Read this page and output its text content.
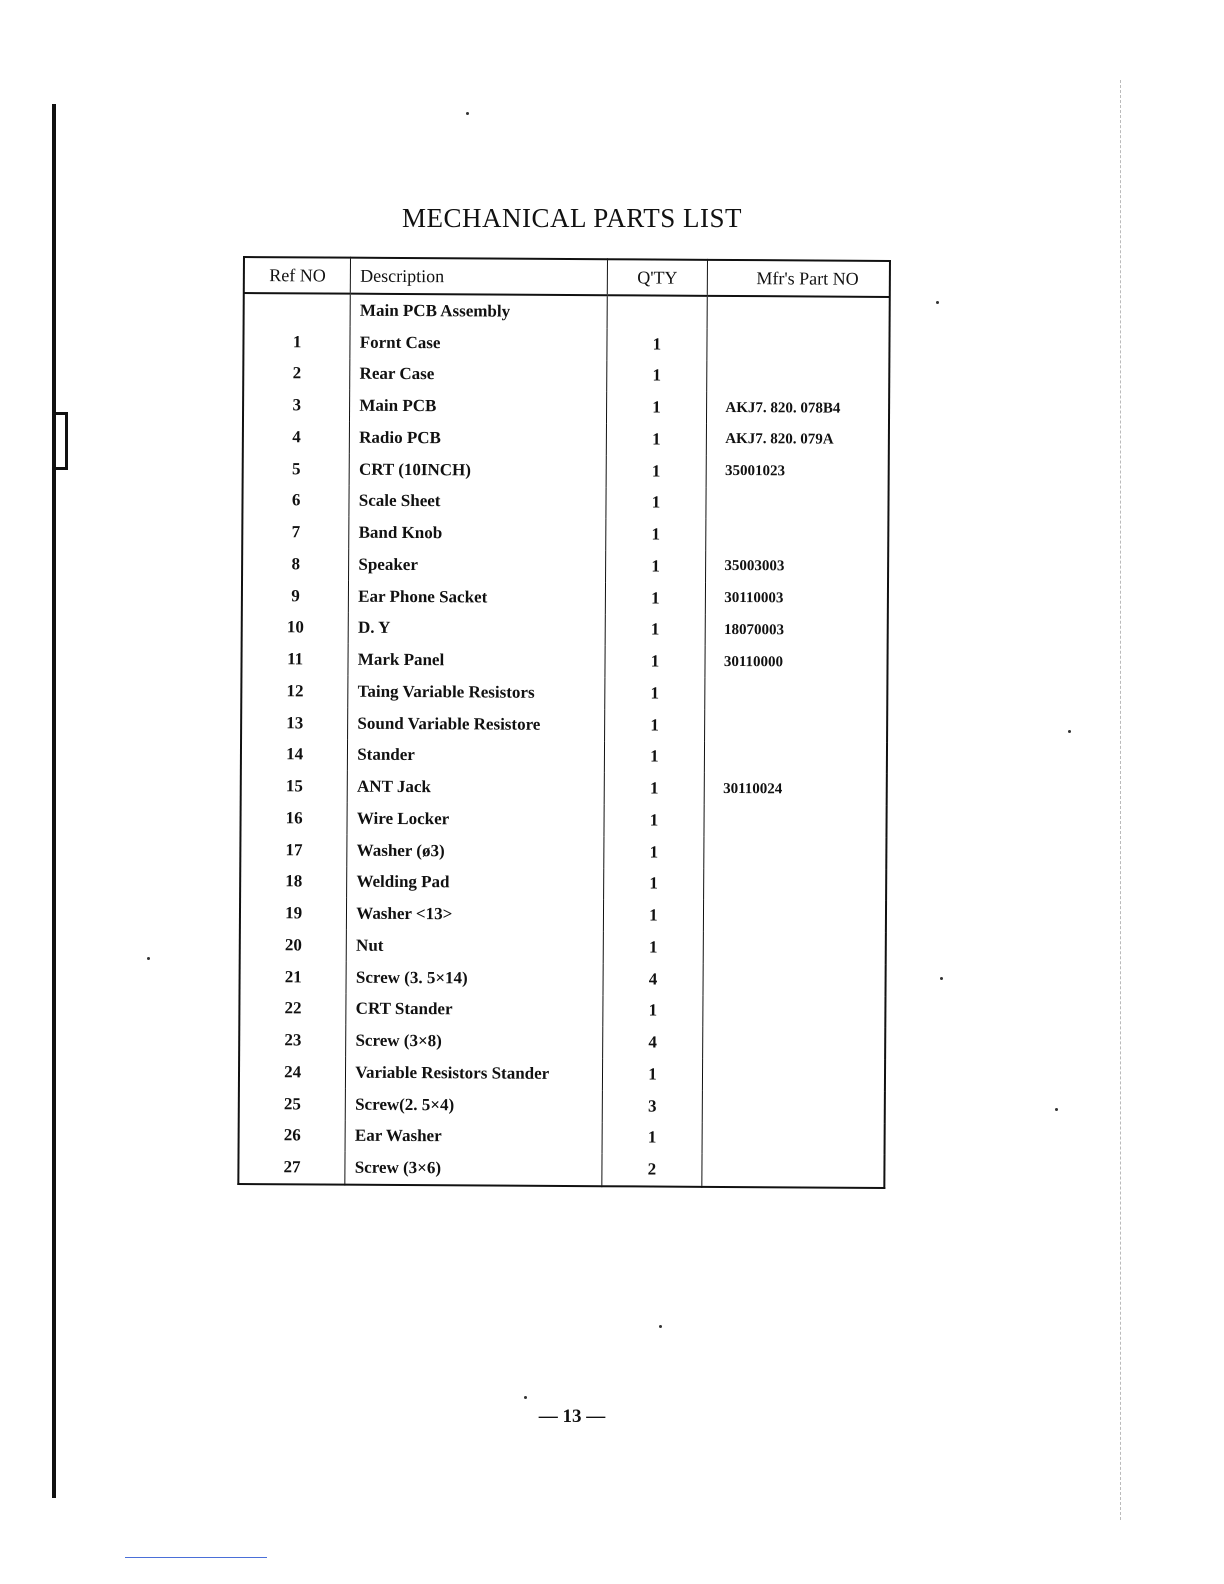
MECHANICAL PARTS LIST
Ref NO	Description	Q'TY	Mfr's Part NO
	Main PCB Assembly		
1	Fornt Case	1	
2	Rear Case	1	
3	Main PCB	1	AKJ7. 820. 078B4
4	Radio PCB	1	AKJ7. 820. 079A
5	CRT (10INCH)	1	35001023
6	Scale Sheet	1	
7	Band Knob	1	
8	Speaker	1	35003003
9	Ear Phone Sacket	1	30110003
10	D. Y	1	18070003
11	Mark Panel	1	30110000
12	Taing Variable Resistors	1	
13	Sound Variable Resistore	1	
14	Stander	1	
15	ANT Jack	1	30110024
16	Wire Locker	1	
17	Washer (ø3)	1	
18	Welding Pad	1	
19	Washer <13>	1	
20	Nut	1	
21	Screw (3. 5×14)	4	
22	CRT Stander	1	
23	Screw (3×8)	4	
24	Variable Resistors Stander	1	
25	Screw(2. 5×4)	3	
26	Ear Washer	1	
27	Screw (3×6)	2	
— 13 —
